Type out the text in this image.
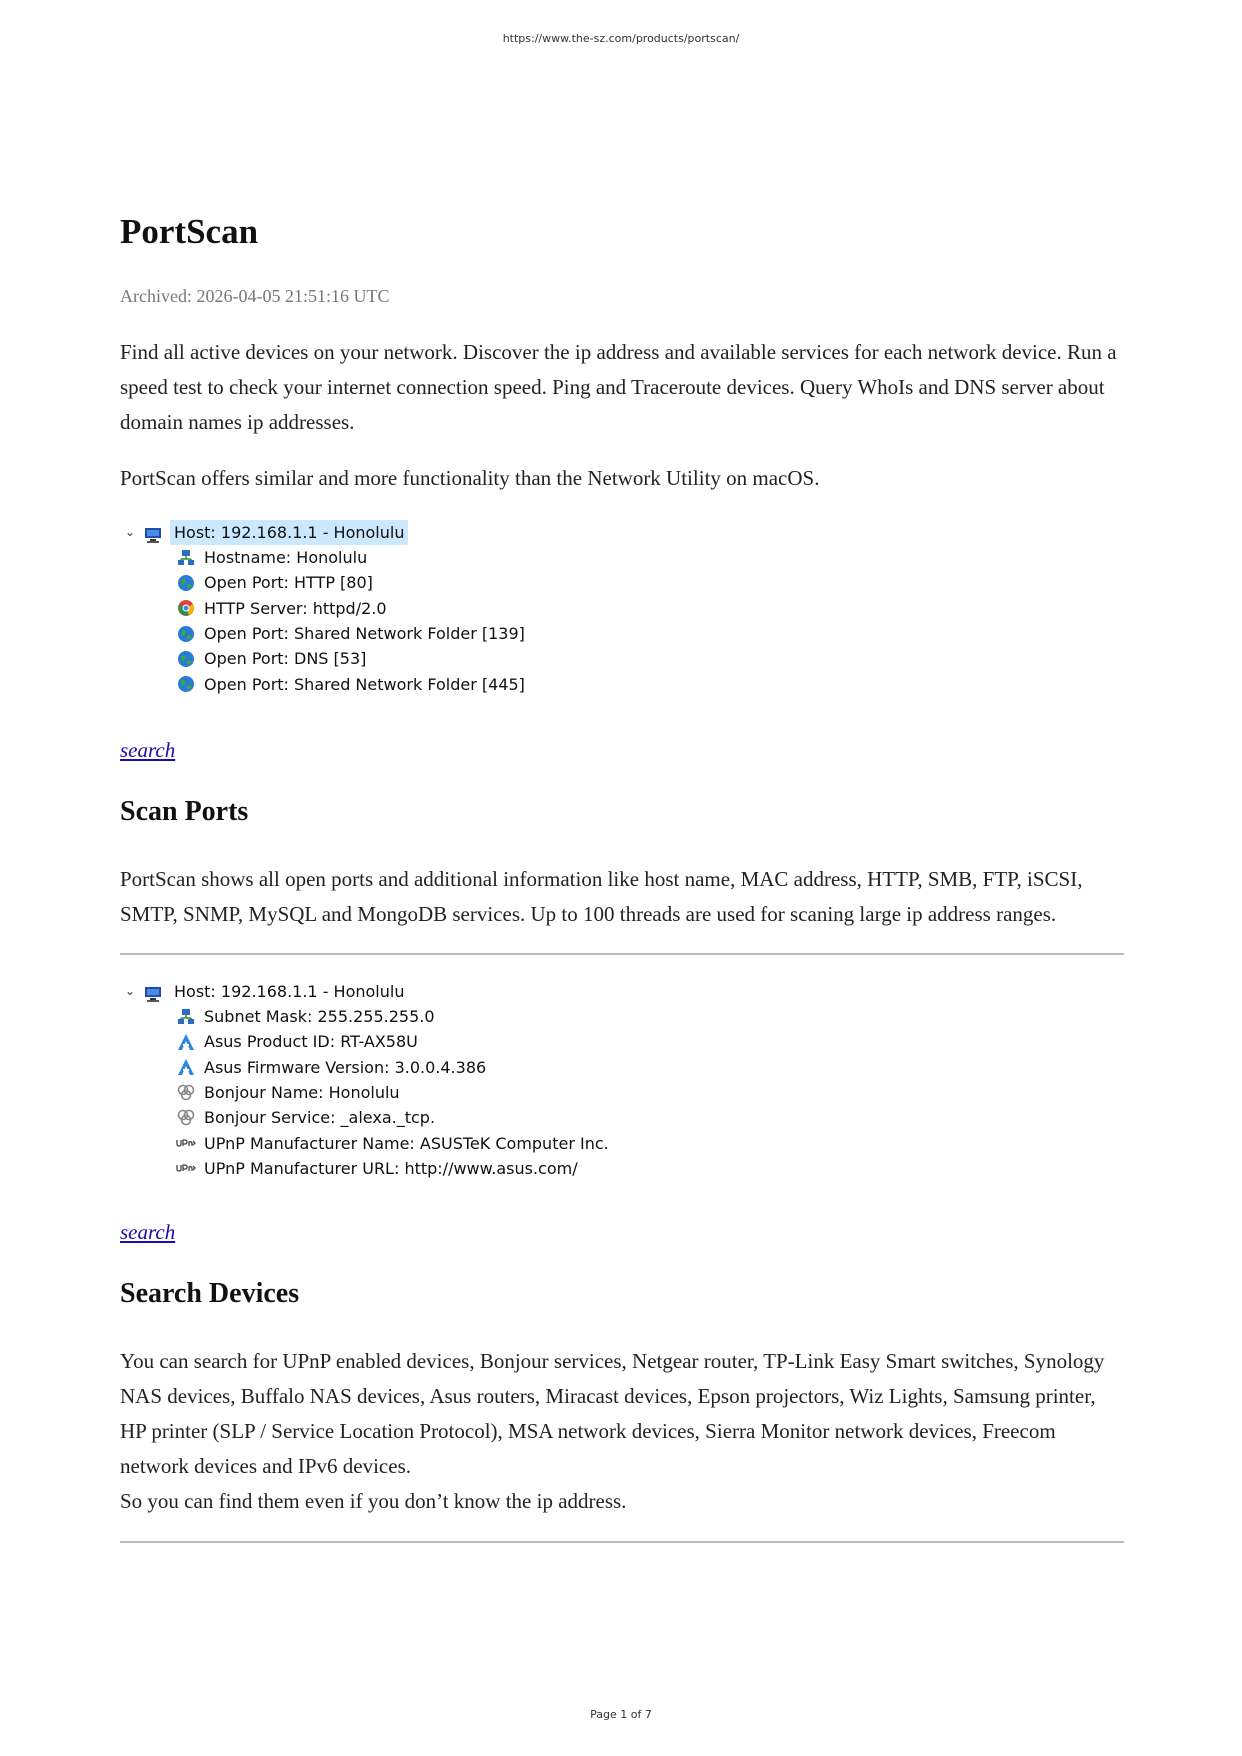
https://www.the-sz.com/products/portscan/
PortScan
Archived: 2026-04-05 21:51:16 UTC

Find all active devices on your network. Discover the ip address and available services for each network device. Run a speed test to check your internet connection speed. Ping and Traceroute devices. Query WhoIs and DNS server about domain names ip addresses.

PortScan offers similar and more functionality than the Network Utility on macOS.

⌄	Host: 192.168.1.1 - Honolulu
Hostname: Honolulu
Open Port: HTTP [80]
HTTP Server: httpd/2.0
Open Port: Shared Network Folder [139]
Open Port: DNS [53]
Open Port: Shared Network Folder [445]
search
Scan Ports

PortScan shows all open ports and additional information like host name, MAC address, HTTP, SMB, FTP, iSCSI, SMTP, SNMP, MySQL and MongoDB services. Up to 100 threads are used for scaning large ip address ranges.

⌄	Host: 192.168.1.1 - Honolulu
Subnet Mask: 255.255.255.0
Asus Product ID: RT-AX58U
Asus Firmware Version: 3.0.0.4.386
Bonjour Name: Honolulu
Bonjour Service: _alexa._tcp.
UPnP Manufacturer Name: ASUSTeK Computer Inc.
UPnP Manufacturer URL: http://www.asus.com/
search
Search Devices

You can search for UPnP enabled devices, Bonjour services, Netgear router, TP-Link Easy Smart switches, Synology NAS devices, Buffalo NAS devices, Asus routers, Miracast devices, Epson projectors, Wiz Lights, Samsung printer, HP printer (SLP / Service Location Protocol), MSA network devices, Sierra Monitor network devices, Freecom network devices and IPv6 devices.

So you can find them even if you don’t know the ip address.

Page 1 of 7
